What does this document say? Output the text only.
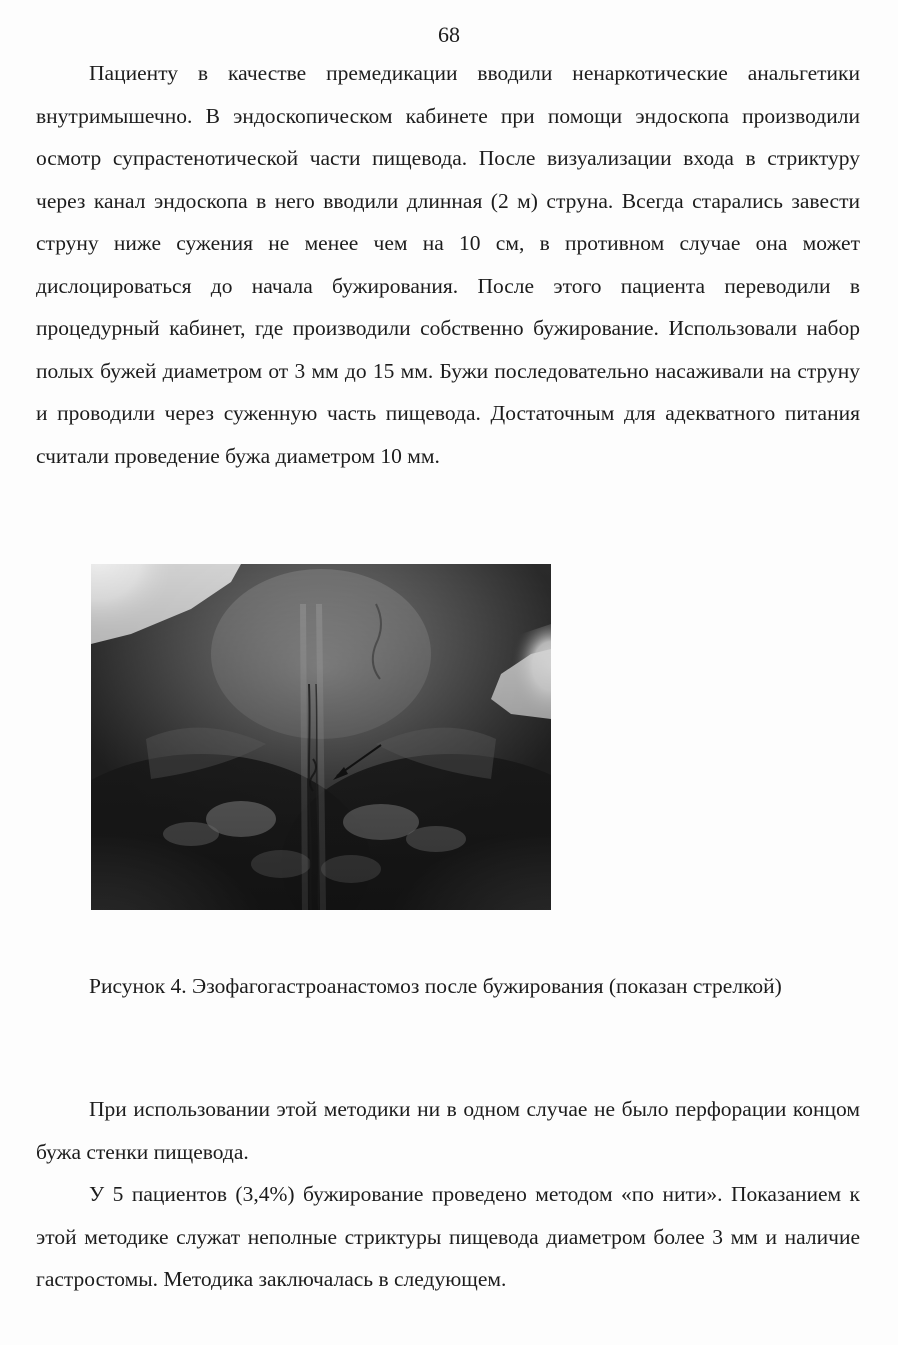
68

Пациенту в качестве премедикации вводили ненаркотические анальгетики внутримышечно. В эндоскопическом кабинете при помощи эндоскопа производили осмотр супрастенотической части пищевода. После визуализации входа в стриктуру через канал эндоскопа в него вводили длинная (2 м) струна. Всегда старались завести струну ниже сужения не менее чем на 10 см, в противном случае она может дислоцироваться до начала бужирования. После этого пациента переводили в процедурный кабинет, где производили собственно бужирование. Использовали набор полых бужей диаметром от 3 мм до 15 мм. Бужи последовательно насаживали на струну и проводили через суженную часть пищевода. Достаточным для адекватного питания считали проведение бужа диаметром 10 мм.

Рисунок 4. Эзофагогастроанастомоз после бужирования (показан стрелкой)

При использовании этой методики ни в одном случае не было перфорации концом бужа стенки пищевода.

У 5 пациентов (3,4%) бужирование проведено методом «по нити». Показанием к этой методике служат неполные стриктуры пищевода диаметром более 3 мм и наличие гастростомы. Методика заключалась в следующем.
